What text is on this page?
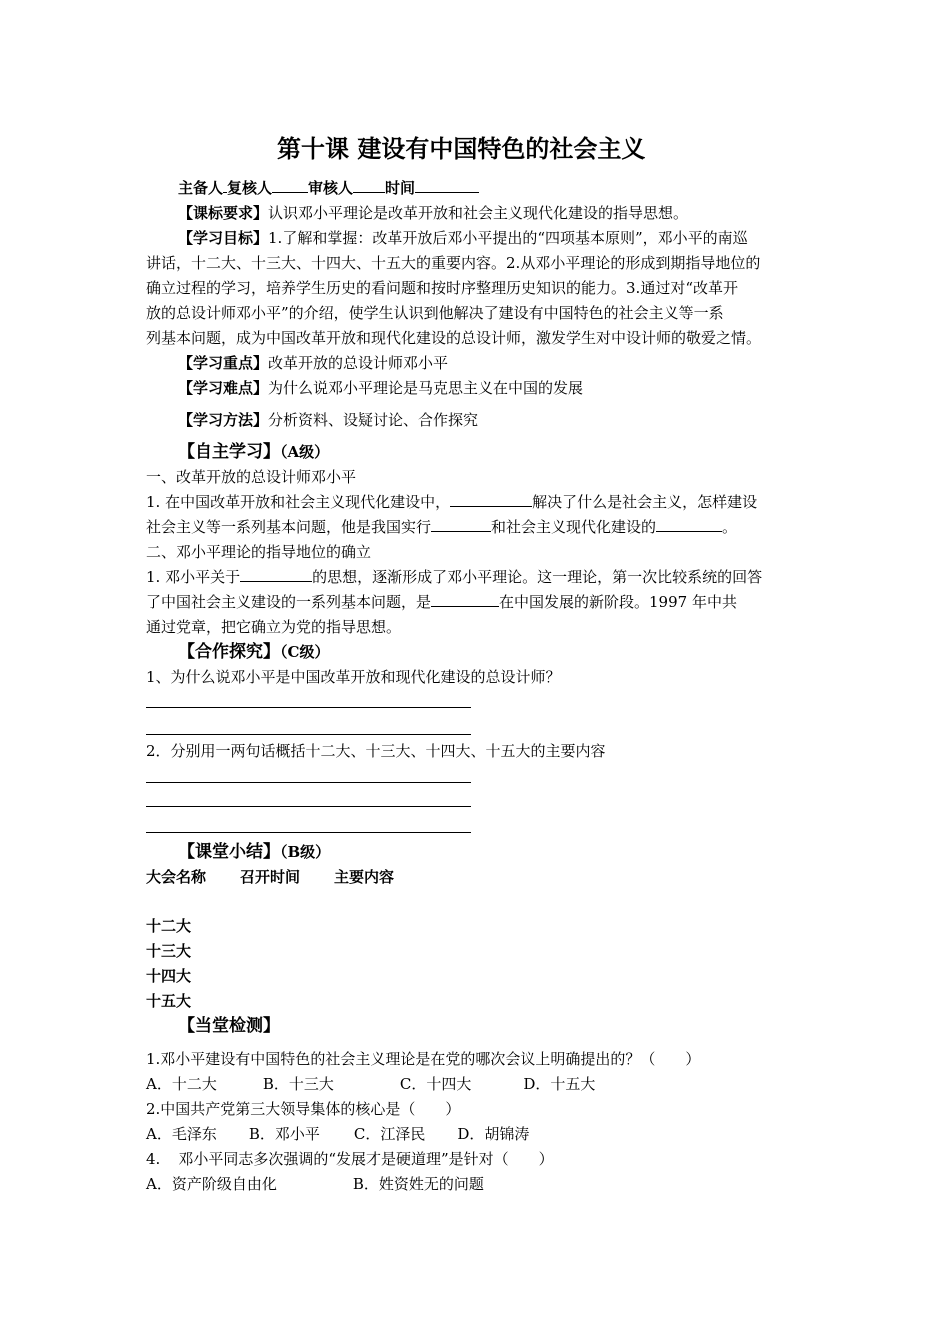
第十课 建设有中国特色的社会主义
主备人 复核人 审核人 时间
【课标要求】认识邓小平理论是改革开放和社会主义现代化建设的指导思想。
【学习目标】1.了解和掌握：改革开放后邓小平提出的“四项基本原则”，邓小平的南巡
讲话，十二大、十三大、十四大、十五大的重要内容。2.从邓小平理论的形成到期指导地位的
确立过程的学习，培养学生历史的看问题和按时序整理历史知识的能力。3.通过对“改革开
放的总设计师邓小平”的介绍，使学生认识到他解决了建设有中国特色的社会主义等一系
列基本问题，成为中国改革开放和现代化建设的总设计师，激发学生对中设计师的敬爱之情。
【学习重点】改革开放的总设计师邓小平
【学习难点】为什么说邓小平理论是马克思主义在中国的发展
【学习方法】分析资料、设疑讨论、合作探究
【自主学习】（A级）
一、改革开放的总设计师邓小平
1. 在中国改革开放和社会主义现代化建设中，	解决了什么是社会主义，怎样建设
社会主义等一系列基本问题，他是我国实行	和社会主义现代化建设的	。
二、邓小平理论的指导地位的确立
1. 邓小平关于	的思想，逐渐形成了邓小平理论。这一理论，第一次比较系统的回答
了中国社会主义建设的一系列基本问题，是	在中国发展的新阶段。1997 年中共
通过党章，把它确立为党的指导思想。
【合作探究】（C级）
1、为什么说邓小平是中国改革开放和现代化建设的总设计师？
2．分别用一两句话概括十二大、十三大、十四大、十五大的主要内容
【课堂小结】（B级）
大会名称 召开时间 主要内容
十二大
十三大
十四大
十五大
【当堂检测】
1.邓小平建设有中国特色的社会主义理论是在党的哪次会议上明确提出的？（　　）
A．十二大	B．十三大	C．十四大	D．十五大
2.中国共产党第三大领导集体的核心是（　　）
A．毛泽东 B．邓小平 C．江泽民 D．胡锦涛
4. 邓小平同志多次强调的“发展才是硬道理”是针对（　　）
A．资产阶级自由化	B．姓资姓无的问题
